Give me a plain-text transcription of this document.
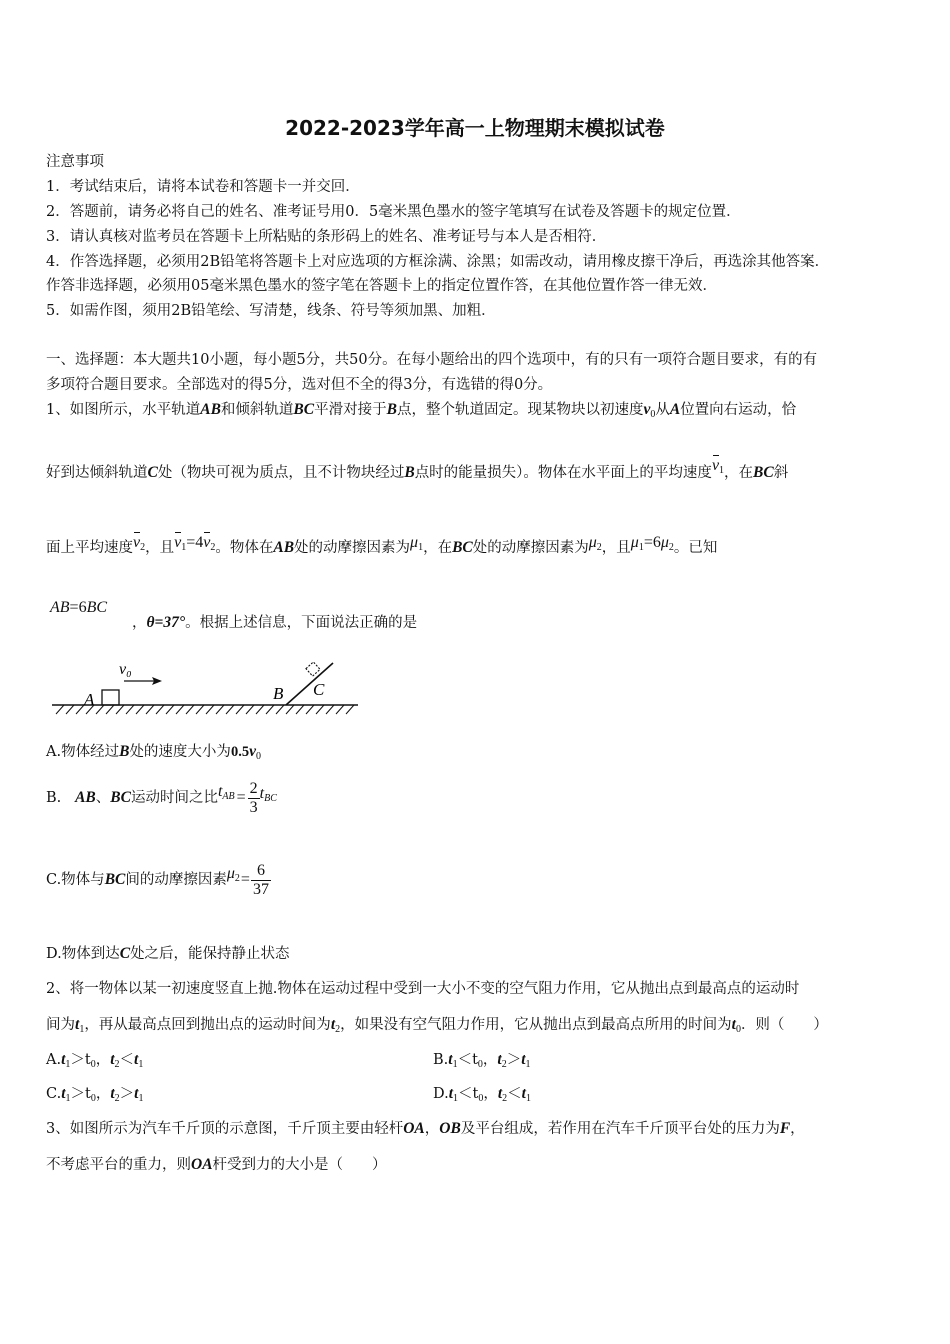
2022-2023学年高一上物理期末模拟试卷
注意事项
1．考试结束后，请将本试卷和答题卡一并交回．
2．答题前，请务必将自己的姓名、准考证号用0．5毫米黑色墨水的签字笔填写在试卷及答题卡的规定位置．
3．请认真核对监考员在答题卡上所粘贴的条形码上的姓名、准考证号与本人是否相符．
4．作答选择题，必须用2B铅笔将答题卡上对应选项的方框涂满、涂黑；如需改动，请用橡皮擦干净后，再选涂其他答案．
作答非选择题，必须用05毫米黑色墨水的签字笔在答题卡上的指定位置作答，在其他位置作答一律无效．
5．如需作图，须用2B铅笔绘、写清楚，线条、符号等须加黑、加粗．
一、选择题：本大题共10小题，每小题5分，共50分。在每小题给出的四个选项中，有的只有一项符合题目要求，有的有
多项符合题目要求。全部选对的得5分，选对但不全的得3分，有选错的得0分。
1、如图所示，水平轨道AB和倾斜轨道BC平滑对接于B点，整个轨道固定。现某物块以初速度$v_0$从A位置向右运动，恰
好到达倾斜轨道C处（物块可视为质点，且不计物块经过B点时的能量损失）。物体在水平面上的平均速度$v_1$，在BC斜
面上平均速度$v_2$，且$v_1=4v_2$。物体在AB处的动摩擦因素为$\mu_1$，在BC处的动摩擦因素为$\mu_2$，且$\mu_1=6\mu_2$。已知
AB=6BC
，θ=37°。根据上述信息，下面说法正确的是
A
v₀
B C
A.物体经过B处的速度大小为$0.5v_0$
B. AB、BC运动时间之比$t_{AB} = \frac{2}{3} t_{BC}$
C.物体与BC间的动摩擦因素$\mu_2= \frac{6}{37}$
D.物体到达C处之后，能保持静止状态
2、将一物体以某一初速度竖直上抛.物体在运动过程中受到一大小不变的空气阻力作用，它从抛出点到最高点的运动时
间为$t_1$，再从最高点回到抛出点的运动时间为$t_2$，如果没有空气阻力作用，它从抛出点到最高点所用的时间为$t_0$．则（　　）
$A.t_1>t_0$，$t_2<t_1$	$B.t_1<t_0$，$t_2>t_1$
$C.t_1>t_0$，$t_2>t_1$	$D.t_1<t_0$，$t_2<t_1$
3、如图所示为汽车千斤顶的示意图，千斤顶主要由轻杆OA，OB及平台组成，若作用在汽车千斤顶平台处的压力为F，
不考虑平台的重力，则OA杆受到力的大小是（　　）
